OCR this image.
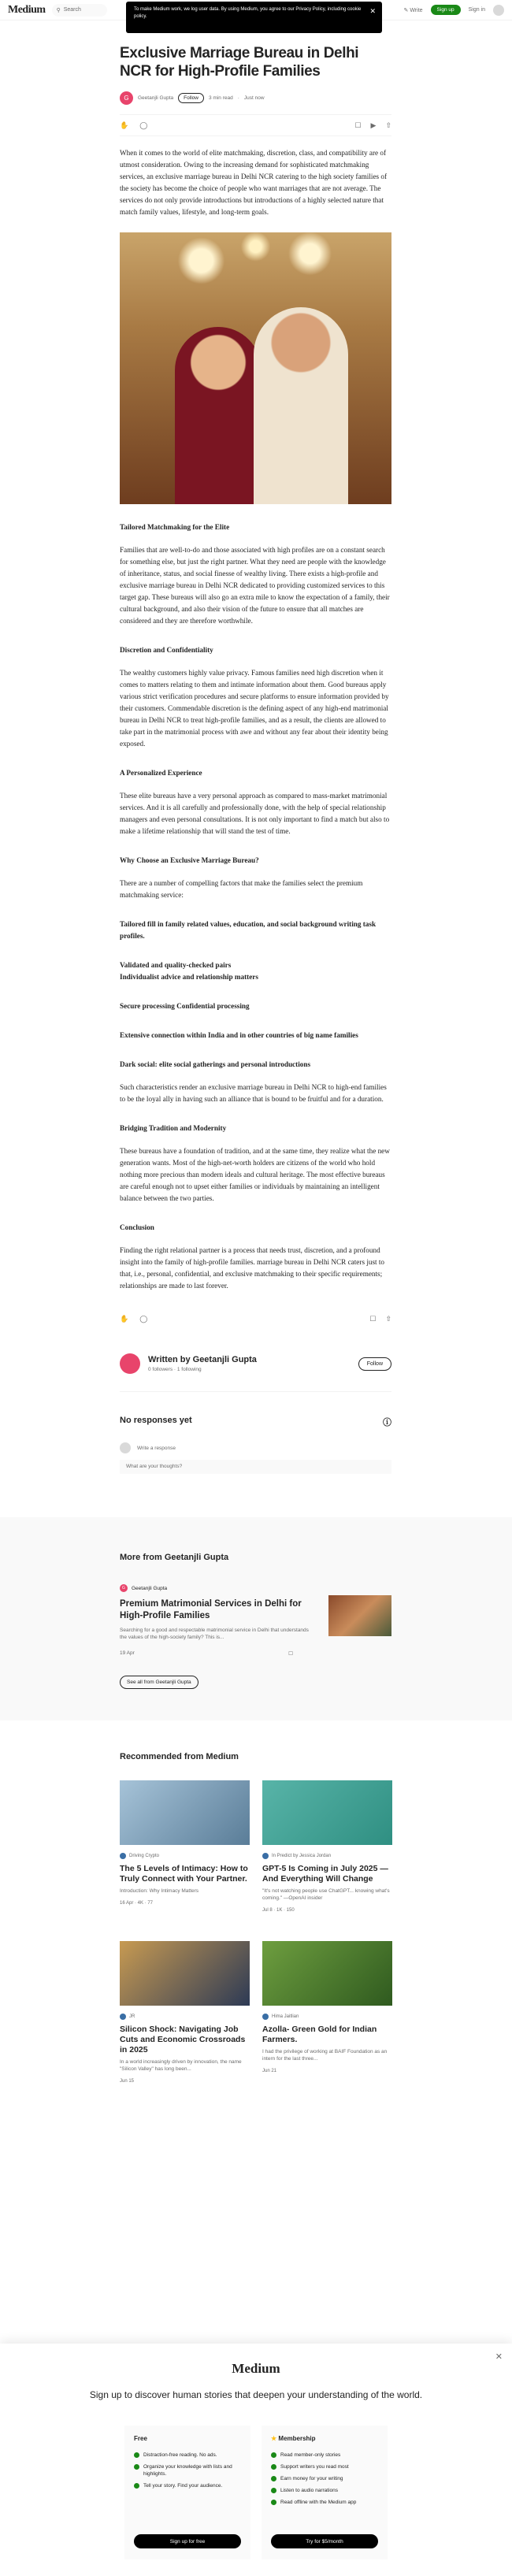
Medium ⚲ Search	✎ Write	Sign up	Sign in
To make Medium work, we log user data. By using Medium, you agree to our Privacy Policy, including cookie policy.
✕
Exclusive Marriage Bureau in Delhi NCR for High-Profile Families
G	Geetanjli Gupta	Follow	3 min read · Just now
✋ ◯	☐ ▶ ⇧

When it comes to the world of elite matchmaking, discretion, class, and compatibility are of utmost consideration. Owing to the increasing demand for sophisticated matchmaking services, an exclusive marriage bureau in Delhi NCR catering to the high society families of the society has become the choice of people who want marriages that are not average. The services do not only provide introductions but introductions of a highly selected nature that match family values, lifestyle, and long-term goals.

Tailored Matchmaking for the Elite

Families that are well-to-do and those associated with high profiles are on a constant search for something else, but just the right partner. What they need are people with the knowledge of inheritance, status, and social finesse of wealthy living. There exists a high-profile and exclusive marriage bureau in Delhi NCR dedicated to providing customized services to this target gap. These bureaus will also go an extra mile to know the expectation of a family, their cultural background, and also their vision of the future to ensure that all matches are considered and they are therefore worthwhile.

Discretion and Confidentiality

The wealthy customers highly value privacy. Famous families need high discretion when it comes to matters relating to them and intimate information about them. Good bureaus apply various strict verification procedures and secure platforms to ensure information provided by their customers. Commendable discretion is the defining aspect of any high-end matrimonial bureau in Delhi NCR to treat high-profile families, and as a result, the clients are allowed to take part in the matrimonial process with awe and without any fear about their identity being exposed.

A Personalized Experience

These elite bureaus have a very personal approach as compared to mass-market matrimonial services. And it is all carefully and professionally done, with the help of special relationship managers and even personal consultations. It is not only important to find a match but also to make a lifetime relationship that will stand the test of time.

Why Choose an Exclusive Marriage Bureau?

There are a number of compelling factors that make the families select the premium matchmaking service:

Tailored fill in family related values, education, and social background writing task profiles.

Validated and quality-checked pairs
Individualist advice and relationship matters

Secure processing Confidential processing

Extensive connection within India and in other countries of big name families

Dark social: elite social gatherings and personal introductions

Such characteristics render an exclusive marriage bureau in Delhi NCR to high-end families to be the loyal ally in having such an alliance that is bound to be fruitful and for a duration.

Bridging Tradition and Modernity

These bureaus have a foundation of tradition, and at the same time, they realize what the new generation wants. Most of the high-net-worth holders are citizens of the world who hold nothing more precious than modern ideals and cultural heritage. The most effective bureaus are careful enough not to upset either families or individuals by maintaining an intelligent balance between the two parties.

Conclusion

Finding the right relational partner is a process that needs trust, discretion, and a profound insight into the family of high-profile families. marriage bureau in Delhi NCR caters just to that, i.e., personal, confidential, and exclusive matchmaking to their specific requirements; relationships are made to last forever.

✋ ◯	☐ ⇧
Written by Geetanjli Gupta
0 followers · 1 following
Follow
No responses yet	ⓘ
Write a response
What are your thoughts?
More from Geetanjli Gupta
G	Geetanjli Gupta
Premium Matrimonial Services in Delhi for High-Profile Families
Searching for a good and respectable matrimonial service in Delhi that understands the values of the high-society family? This is...
19 Apr	☐
See all from Geetanjli Gupta
Recommended from Medium
Driving Crypto
The 5 Levels of Intimacy: How to Truly Connect with Your Partner.
Introduction: Why Intimacy Matters
16 Apr · 4K · 77
In Predict by Jessica Jordan
GPT-5 Is Coming in July 2025 — And Everything Will Change
"It's not watching people use ChatGPT... knowing what's coming." —OpenAI insider
Jul 8 · 1K · 150
JR
Silicon Shock: Navigating Job Cuts and Economic Crossroads in 2025
In a world increasingly driven by innovation, the name "Silicon Valley" has long been...
Jun 15
Hima Jaitlian
Azolla- Green Gold for Indian Farmers.
I had the privilege of working at BAIF Foundation as an intern for the last three...
Jun 21
✕
Medium
Sign up to discover human stories that deepen your understanding of the world.
Free
Distraction-free reading. No ads.
Organize your knowledge with lists and highlights.
Tell your story. Find your audience.
Sign up for free
★ Membership
Read member-only stories
Support writers you read most
Earn money for your writing
Listen to audio narrations
Read offline with the Medium app
Try for $5/month
